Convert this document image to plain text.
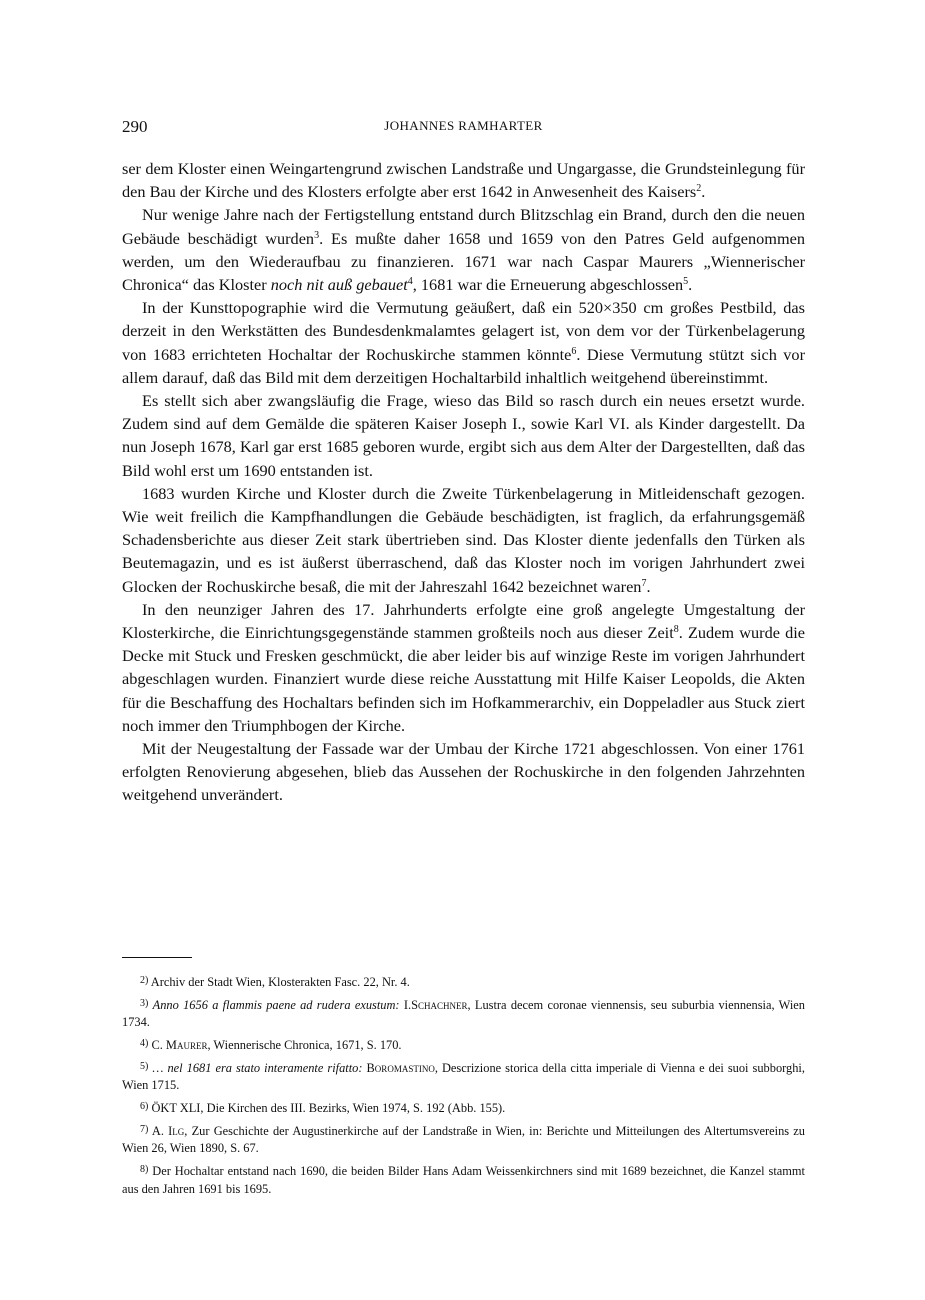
290	JOHANNES RAMHARTER

ser dem Kloster einen Weingartengrund zwischen Landstraße und Ungargasse, die Grundsteinlegung für den Bau der Kirche und des Klosters erfolgte aber erst 1642 in Anwesenheit des Kaisers$^2$.

Nur wenige Jahre nach der Fertigstellung entstand durch Blitzschlag ein Brand, durch den die neuen Gebäude beschädigt wurden$^3$. Es mußte daher 1658 und 1659 von den Patres Geld aufgenommen werden, um den Wiederaufbau zu finanzieren. 1671 war nach Caspar Maurers „Wiennerischer Chronica“ das Kloster noch nit auß gebauet$^4$, 1681 war die Erneuerung abgeschlossen$^5$.

In der Kunsttopographie wird die Vermutung geäußert, daß ein 520×350 cm großes Pestbild, das derzeit in den Werkstätten des Bundesdenkmalamtes gelagert ist, von dem vor der Türkenbelagerung von 1683 errichteten Hochaltar der Rochuskirche stammen könnte$^6$. Diese Vermutung stützt sich vor allem darauf, daß das Bild mit dem derzeitigen Hochaltarbild inhaltlich weitgehend übereinstimmt.

Es stellt sich aber zwangsläufig die Frage, wieso das Bild so rasch durch ein neues ersetzt wurde. Zudem sind auf dem Gemälde die späteren Kaiser Joseph I., sowie Karl VI. als Kinder dargestellt. Da nun Joseph 1678, Karl gar erst 1685 geboren wurde, ergibt sich aus dem Alter der Dargestellten, daß das Bild wohl erst um 1690 entstanden ist.

1683 wurden Kirche und Kloster durch die Zweite Türkenbelagerung in Mitleidenschaft gezogen. Wie weit freilich die Kampfhandlungen die Gebäude beschädigten, ist fraglich, da erfahrungsgemäß Schadensberichte aus dieser Zeit stark übertrieben sind. Das Kloster diente jedenfalls den Türken als Beutemagazin, und es ist äußerst überraschend, daß das Kloster noch im vorigen Jahrhundert zwei Glocken der Rochuskirche besaß, die mit der Jahreszahl 1642 bezeichnet waren$^7$.

In den neunziger Jahren des 17. Jahrhunderts erfolgte eine groß angelegte Umgestaltung der Klosterkirche, die Einrichtungsgegenstände stammen großteils noch aus dieser Zeit$^8$. Zudem wurde die Decke mit Stuck und Fresken geschmückt, die aber leider bis auf winzige Reste im vorigen Jahrhundert abgeschlagen wurden. Finanziert wurde diese reiche Ausstattung mit Hilfe Kaiser Leopolds, die Akten für die Beschaffung des Hochaltars befinden sich im Hofkammerarchiv, ein Doppeladler aus Stuck ziert noch immer den Triumphbogen der Kirche.

Mit der Neugestaltung der Fassade war der Umbau der Kirche 1721 abgeschlossen. Von einer 1761 erfolgten Renovierung abgesehen, blieb das Aussehen der Rochuskirche in den folgenden Jahrzehnten weitgehend unverändert.

$^{2)}$ Archiv der Stadt Wien, Klosterakten Fasc. 22, Nr. 4.

$^{3)}$ Anno 1656 a flammis paene ad rudera exustum: I.Schachner, Lustra decem coronae viennensis, seu suburbia viennensia, Wien 1734.

$^{4)}$ C. Maurer, Wiennerische Chronica, 1671, S. 170.

$^{5)}$ … nel 1681 era stato interamente rifatto: Boromastino, Descrizione storica della citta imperiale di Vienna e dei suoi subborghi, Wien 1715.

$^{6)}$ ÖKT XLI, Die Kirchen des III. Bezirks, Wien 1974, S. 192 (Abb. 155).

$^{7)}$ A. Ilg, Zur Geschichte der Augustinerkirche auf der Landstraße in Wien, in: Berichte und Mitteilungen des Altertumsvereins zu Wien 26, Wien 1890, S. 67.

$^{8)}$ Der Hochaltar entstand nach 1690, die beiden Bilder Hans Adam Weissenkirchners sind mit 1689 bezeichnet, die Kanzel stammt aus den Jahren 1691 bis 1695.
